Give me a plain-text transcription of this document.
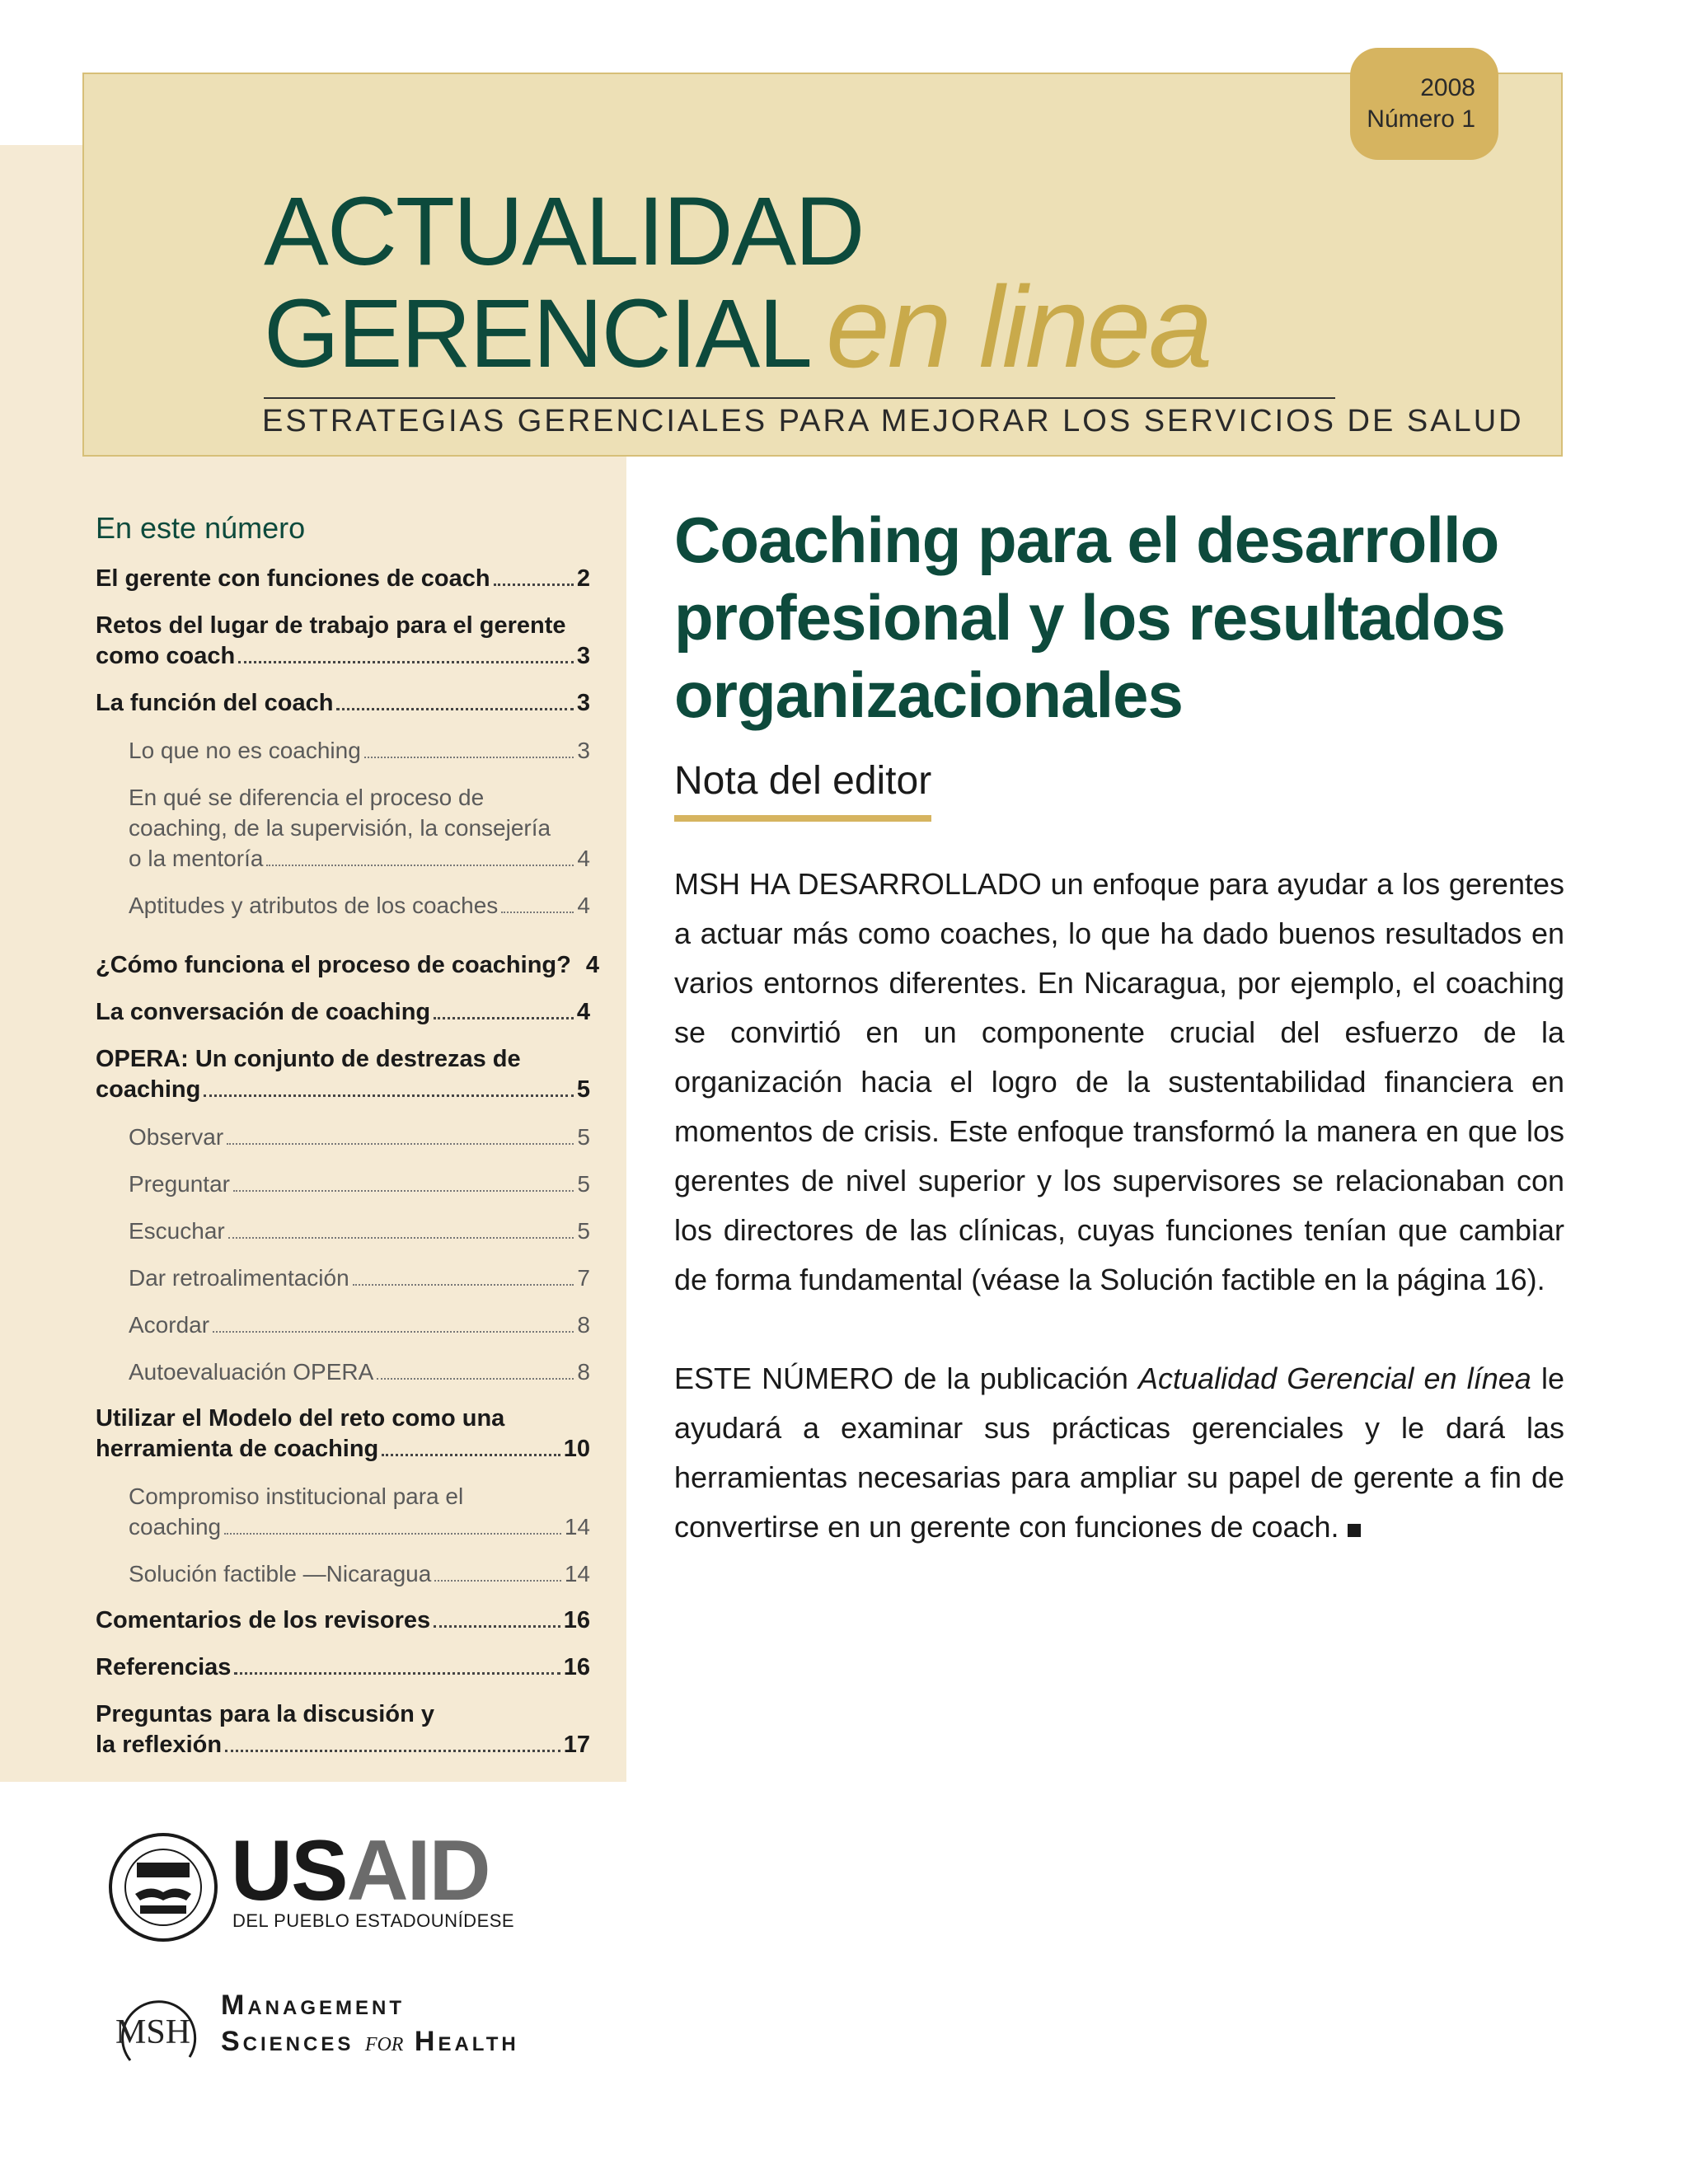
2008
Número 1
ACTUALIDAD
GERENCIAL en linea
ESTRATEGIAS GERENCIALES PARA MEJORAR LOS SERVICIOS DE SALUD
En este número
El gerente con funciones de coach	2
Retos del lugar de trabajo para el gerente
como coach	3
La función del coach	3
Lo que no es coaching	3
En qué se diferencia el proceso de
coaching, de la supervisión, la consejería
o la mentoría	4
Aptitudes y atributos de los coaches	4
¿Cómo funciona el proceso de coaching? 4
La conversación de coaching	4
OPERA: Un conjunto de destrezas de
coaching	5
Observar	5
Preguntar	5
Escuchar	5
Dar retroalimentación	7
Acordar	8
Autoevaluación OPERA	8
Utilizar el Modelo del reto como una
herramienta de coaching	10
Compromiso institucional para el
coaching	14
Solución factible —Nicaragua	14
Comentarios de los revisores	16
Referencias	16
Preguntas para la discusión y
la reflexión	17
Coaching para el desarrollo
profesional y los resultados
organizacionales
Nota del editor
MSH HA DESARROLLADO un enfoque para ayudar a los gerentes a actuar más como coaches, lo que ha dado buenos resultados en varios entornos diferentes. En Nicaragua, por ejemplo, el coaching se convirtió en un componente crucial del esfuerzo de la organización hacia el logro de la sustentabilidad financiera en momentos de crisis. Este enfoque transformó la manera en que los gerentes de nivel superior y los supervisores se relacionaban con los directores de las clínicas, cuyas funciones tenían que cambiar de forma fundamental (véase la Solución factible en la página 16).
ESTE NÚMERO de la publicación Actualidad Gerencial en línea le ayudará a examinar sus prácticas gerenciales y le dará las herramientas necesarias para ampliar su papel de gerente a fin de convertirse en un gerente con funciones de coach.
USAID
DEL PUEBLO ESTADOUNÍDESE
MSH
Management
Sciences for Health
